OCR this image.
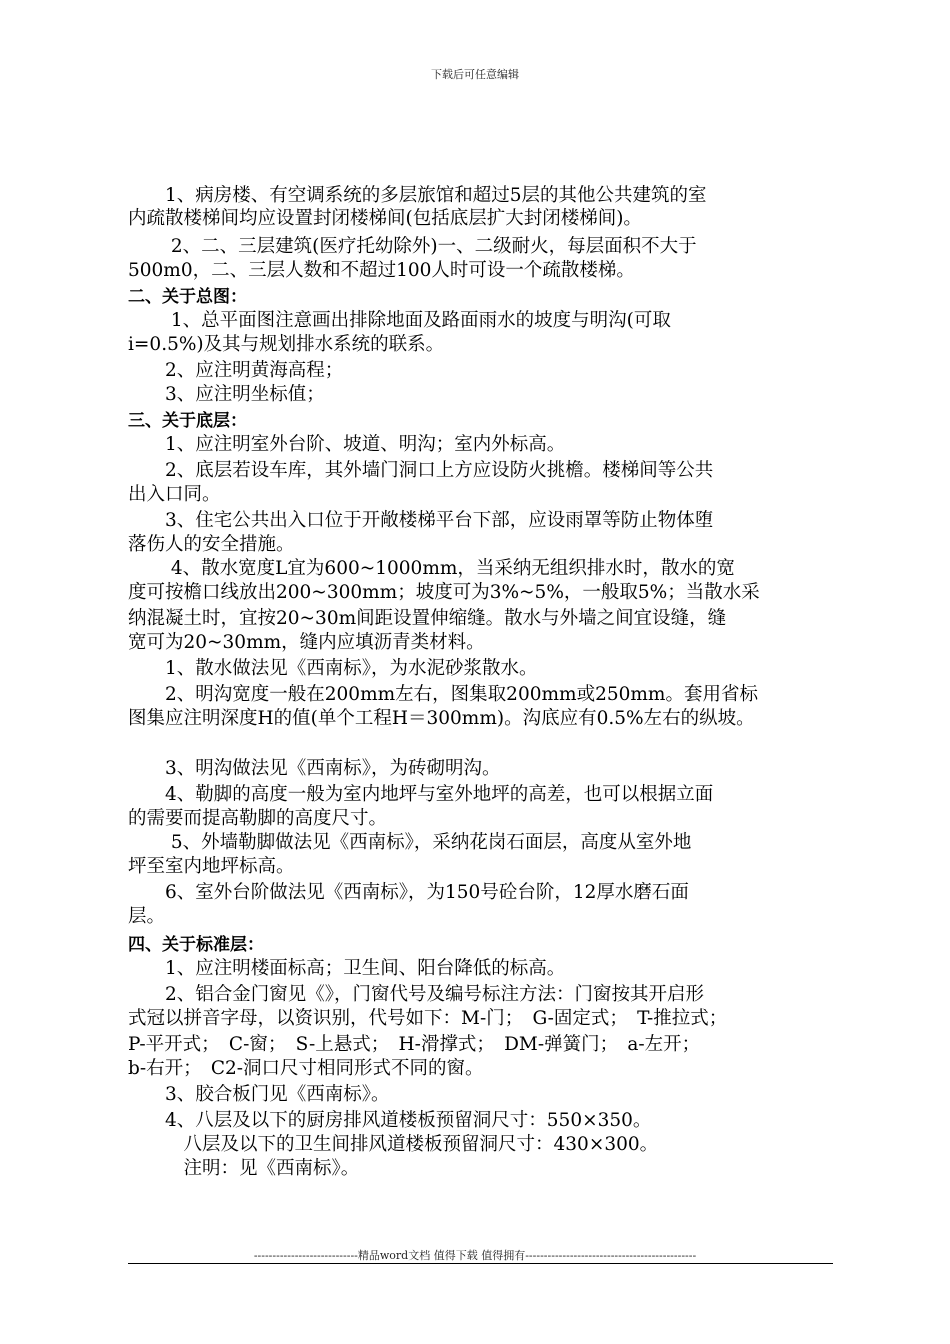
下载后可任意编辑
　　1、病房楼、有空调系统的多层旅馆和超过5层的其他公共建筑的室
内疏散楼梯间均应设置封闭楼梯间(包括底层扩大封闭楼梯间)。
　　 2、二、三层建筑(医疗托幼除外)一、二级耐火，每层面积不大于
500m0，二、三层人数和不超过100人时可设一个疏散楼梯。
二、关于总图：
　　 1、总平面图注意画出排除地面及路面雨水的坡度与明沟(可取
i=0.5%)及其与规划排水系统的联系。
　　2、应注明黄海高程；
　　3、应注明坐标值；
三、关于底层：
　　1、应注明室外台阶、坡道、明沟；室内外标高。
　　2、底层若设车库，其外墙门洞口上方应设防火挑檐。楼梯间等公共
出入口同。
　　3、住宅公共出入口位于开敞楼梯平台下部，应设雨罩等防止物体堕
落伤人的安全措施。
　　 4、散水宽度L宜为600~1000mm，当采纳无组织排水时，散水的宽
度可按檐口线放出200~300mm；坡度可为3%~5%，一般取5%；当散水采
纳混凝土时，宜按20~30m间距设置伸缩缝。散水与外墙之间宜设缝，缝
宽可为20~30mm，缝内应填沥青类材料。
　　1、散水做法见《西南标》，为水泥砂浆散水。
　　2、明沟宽度一般在200mm左右，图集取200mm或250mm。套用省标
图集应注明深度H的值(单个工程H＝300mm)。沟底应有0.5%左右的纵坡。
　　3、明沟做法见《西南标》，为砖砌明沟。
　　4、勒脚的高度一般为室内地坪与室外地坪的高差，也可以根据立面
的需要而提高勒脚的高度尺寸。
　　 5、外墙勒脚做法见《西南标》，采纳花岗石面层，高度从室外地
坪至室内地坪标高。
　　6、室外台阶做法见《西南标》，为150号砼台阶，12厚水磨石面
层。
四、关于标准层：
　　1、应注明楼面标高；卫生间、阳台降低的标高。
　　2、铝合金门窗见《》，门窗代号及编号标注方法：门窗按其开启形
式冠以拼音字母，以资识别，代号如下：M-门；　G-固定式；　T-推拉式；
P-平开式；　C-窗；　S-上悬式；　H-滑撑式；　DM-弹簧门；　a-左开；
b-右开；　C2-洞口尺寸相同形式不同的窗。
　　3、胶合板门见《西南标》。
　　4、八层及以下的厨房排风道楼板预留洞尺寸：550×350。
　　　八层及以下的卫生间排风道楼板预留洞尺寸：430×300。
　　　注明：见《西南标》。
----------------------------精品word文档 值得下载 值得拥有----------------------------------------------
